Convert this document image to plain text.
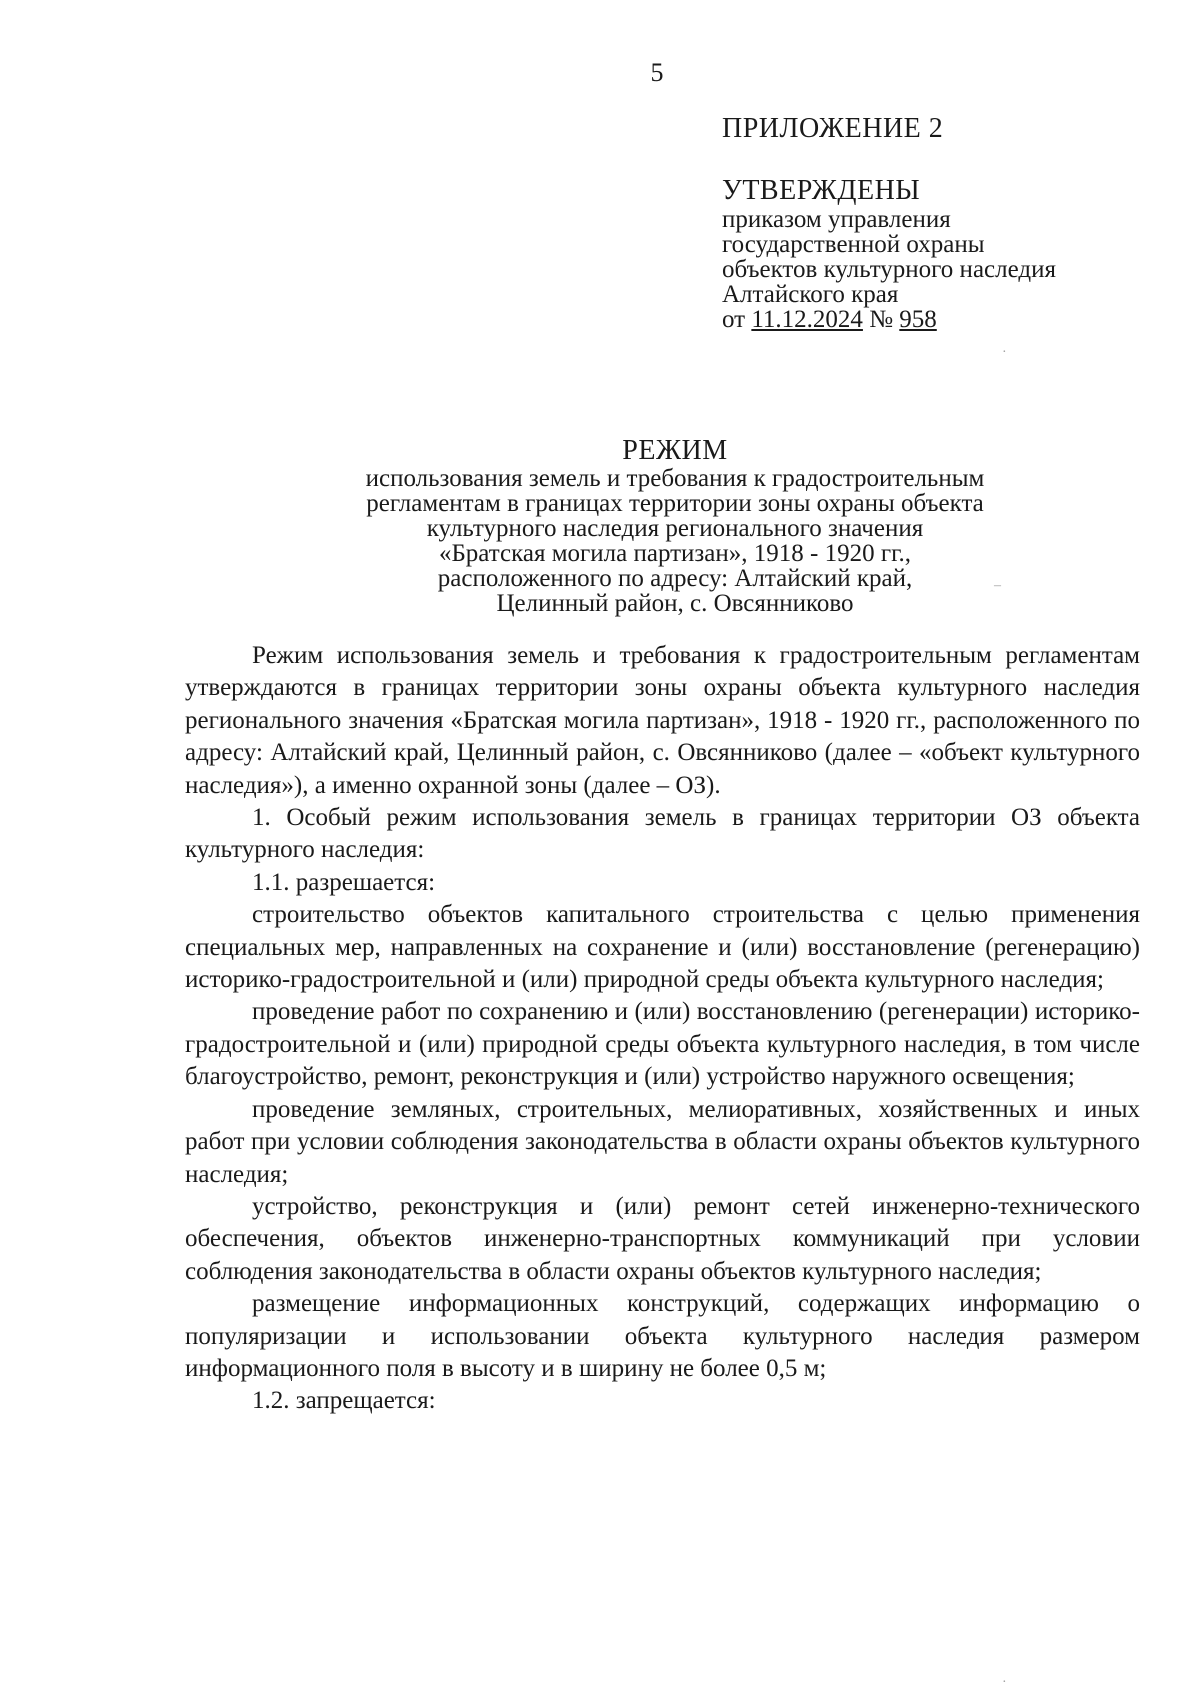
5
ПРИЛОЖЕНИЕ 2
УТВЕРЖДЕНЫ
приказом управления
государственной охраны
объектов культурного наследия
Алтайского края
от 11.12.2024 № 958
РЕЖИМ
использования земель и требования к градостроительным
регламентам в границах территории зоны охраны объекта
культурного наследия регионального значения
«Братская могила партизан», 1918 - 1920 гг.,
расположенного по адресу: Алтайский край,
Целинный район, с. Овсянниково

Режим использования земель и требования к градостроительным регламентам утверждаются в границах территории зоны охраны объекта культурного наследия регионального значения «Братская могила партизан», 1918 - 1920 гг., расположенного по адресу: Алтайский край, Целинный район, с. Овсянниково (далее – «объект культурного наследия»), а именно охранной зоны (далее – ОЗ).

1. Особый режим использования земель в границах территории ОЗ объекта культурного наследия:

1.1. разрешается:

строительство объектов капитального строительства с целью применения специальных мер, направленных на сохранение и (или) восстановление (регенерацию) историко-градостроительной и (или) природной среды объекта культурного наследия;

проведение работ по сохранению и (или) восстановлению (регенерации) историко-градостроительной и (или) природной среды объекта культурного наследия, в том числе благоустройство, ремонт, реконструкция и (или) устройство наружного освещения;

проведение земляных, строительных, мелиоративных, хозяйственных и иных работ при условии соблюдения законодательства в области охраны объектов культурного наследия;

устройство, реконструкция и (или) ремонт сетей инженерно-технического обеспечения, объектов инженерно-транспортных коммуникаций при условии соблюдения законодательства в области охраны объектов культурного наследия;

размещение информационных конструкций, содержащих информацию о популяризации и использовании объекта культурного наследия размером информационного поля в высоту и в ширину не более 0,5 м;

1.2. запрещается:

·
–
·
